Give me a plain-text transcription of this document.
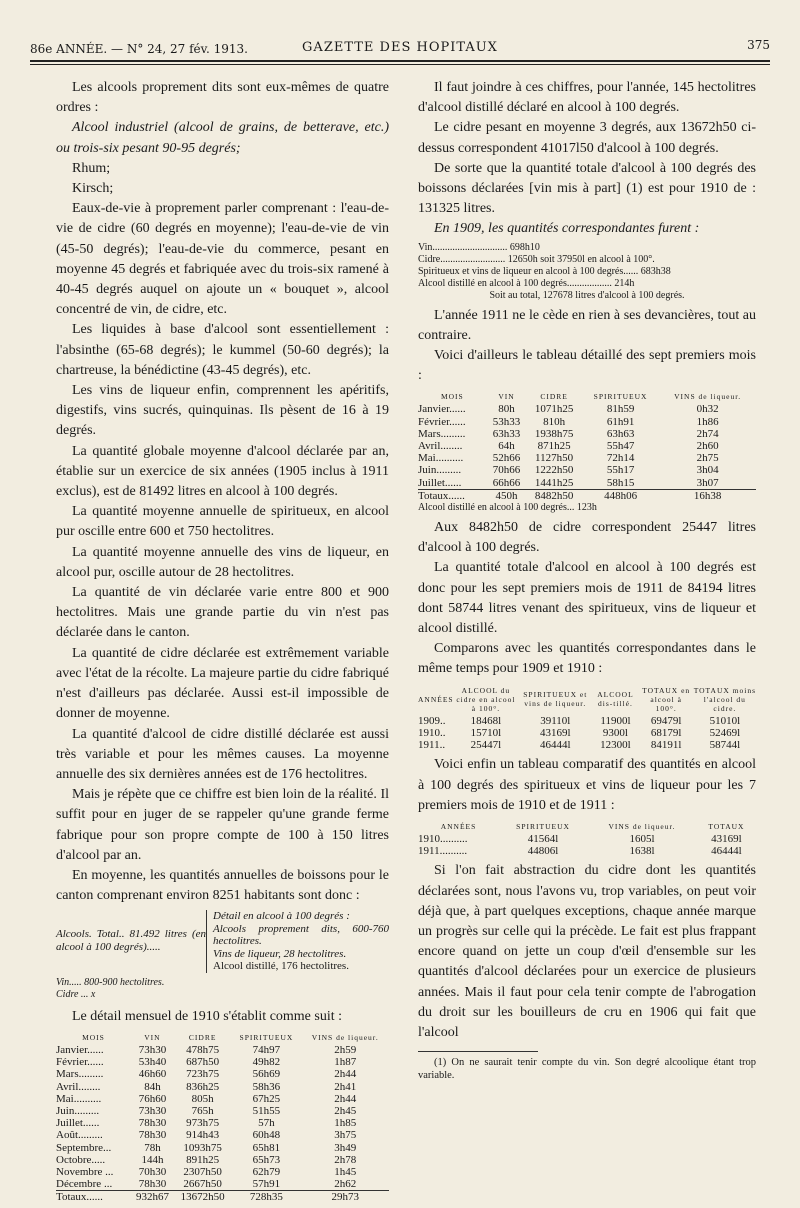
86e ANNÉE. — N° 24, 27 fév. 1913.	GAZETTE DES HOPITAUX	375

Les alcools proprement dits sont eux-mêmes de quatre ordres :

Alcool industriel (alcool de grains, de betterave, etc.) ou trois-six pesant 90-95 degrés;

Rhum;

Kirsch;

Eaux-de-vie à proprement parler comprenant : l'eau-de-vie de cidre (60 degrés en moyenne); l'eau-de-vie de vin (45-50 degrés); l'eau-de-vie du commerce, pesant en moyenne 45 degrés et fabriquée avec du trois-six ramené à 40-45 degrés auquel on ajoute un « bouquet », alcool concentré de vin, de cidre, etc.

Les liquides à base d'alcool sont essentiellement : l'absinthe (65-68 degrés); le kummel (50-60 degrés); la chartreuse, la bénédictine (43-45 degrés), etc.

Les vins de liqueur enfin, comprennent les apéritifs, digestifs, vins sucrés, quinquinas. Ils pèsent de 16 à 19 degrés.

La quantité globale moyenne d'alcool déclarée par an, établie sur un exercice de six années (1905 inclus à 1911 exclus), est de 81492 litres en alcool à 100 degrés.

La quantité moyenne annuelle de spiritueux, en alcool pur oscille entre 600 et 750 hectolitres.

La quantité moyenne annuelle des vins de liqueur, en alcool pur, oscille autour de 28 hectolitres.

La quantité de vin déclarée varie entre 800 et 900 hectolitres. Mais une grande partie du vin n'est pas déclarée dans le canton.

La quantité de cidre déclarée est extrêmement variable avec l'état de la récolte. La majeure partie du cidre fabriqué n'est d'ailleurs pas déclarée. Aussi est-il impossible de donner de moyenne.

La quantité d'alcool de cidre distillé déclarée est aussi très variable et pour les mêmes causes. La moyenne annuelle des six dernières années est de 176 hectolitres.

Mais je répète que ce chiffre est bien loin de la réalité. Il suffit pour en juger de se rappeler qu'une grande ferme fabrique pour son propre compte de 100 à 150 litres d'alcool par an.

En moyenne, les quantités annuelles de boissons pour le canton comprenant environ 8251 habitants sont donc :

Alcools. Total.. 81.492 litres (en alcool à 100 degrés).....
Détail en alcool à 100 degrés :
Alcools proprement dits, 600-760 hectolitres.
Vins de liqueur, 28 hectolitres.
Alcool distillé, 176 hectolitres.
Vin..... 800-900 hectolitres.
Cidre ... x

Le détail mensuel de 1910 s'établit comme suit :

MOIS	VIN	CIDRE	SPIRITUEUX	VINS de liqueur.
Janvier......	73h30	478h75	74h97	2h59
Février......	53h40	687h50	49h82	1h87
Mars.........	46h60	723h75	56h69	2h44
Avril........	84h	836h25	58h36	2h41
Mai..........	76h60	805h	67h25	2h44
Juin.........	73h30	765h	51h55	2h45
Juillet......	78h30	973h75	57h	1h85
Août.........	78h30	914h43	60h48	3h75
Septembre...	78h	1093h75	65h81	3h49
Octobre.....	144h	891h25	65h73	2h78
Novembre ...	70h30	2307h50	62h79	1h45
Décembre ...	78h30	2667h50	57h91	2h62
Totaux......	932h67	13672h50	728h35	29h73

Il faut joindre à ces chiffres, pour l'année, 145 hectolitres d'alcool distillé déclaré en alcool à 100 degrés.

Le cidre pesant en moyenne 3 degrés, aux 13672h50 ci-dessus correspondent 41017l50 d'alcool à 100 degrés.

De sorte que la quantité totale d'alcool à 100 degrés des boissons déclarées [vin mis à part] (1) est pour 1910 de : 131325 litres.

En 1909, les quantités correspondantes furent :

Vin.............................. 698h10
Cidre.......................... 12650h soit 37950l en alcool à 100°.
Spiritueux et vins de liqueur en alcool à 100 degrés...... 683h38
Alcool distillé en alcool à 100 degrés.................. 214h
Soit au total, 127678 litres d'alcool à 100 degrés.

L'année 1911 ne le cède en rien à ses devancières, tout au contraire.

Voici d'ailleurs le tableau détaillé des sept premiers mois :

MOIS	VIN	CIDRE	SPIRITUEUX	VINS de liqueur.
Janvier......	80h	1071h25	81h59	0h32
Février......	53h33	810h	61h91	1h86
Mars.........	63h33	1938h75	63h63	2h74
Avril........	64h	871h25	55h47	2h60
Mai..........	52h66	1127h50	72h14	2h75
Juin.........	70h66	1222h50	55h17	3h04
Juillet......	66h66	1441h25	58h15	3h07
Totaux......	450h	8482h50	448h06	16h38
Alcool distillé en alcool à 100 degrés... 123h

Aux 8482h50 de cidre correspondent 25447 litres d'alcool à 100 degrés.

La quantité totale d'alcool en alcool à 100 degrés est donc pour les sept premiers mois de 1911 de 84194 litres dont 58744 litres venant des spiritueux, vins de liqueur et alcool distillé.

Comparons avec les quantités correspondantes dans le même temps pour 1909 et 1910 :

ANNÉES	ALCOOL du cidre en alcool à 100°.	SPIRITUEUX et vins de liqueur.	ALCOOL dis-tillé.	TOTAUX en alcool à 100°.	TOTAUX moins l'alcool du cidre.
1909..	18468l	39110l	11900l	69479l	51010l
1910..	15710l	43169l	9300l	68179l	52469l
1911..	25447l	46444l	12300l	84191l	58744l

Voici enfin un tableau comparatif des quantités en alcool à 100 degrés des spiritueux et vins de liqueur pour les 7 premiers mois de 1910 et de 1911 :

ANNÉES	SPIRITUEUX	VINS de liqueur.	TOTAUX
1910..........	41564l	1605l	43169l
1911..........	44806l	1638l	46444l

Si l'on fait abstraction du cidre dont les quantités déclarées sont, nous l'avons vu, trop variables, on peut voir déjà que, à part quelques exceptions, chaque année marque un progrès sur celle qui la précède. Le fait est plus frappant encore quand on jette un coup d'œil d'ensemble sur les quantités d'alcool déclarées pour un exercice de plusieurs années. Mais il faut pour cela tenir compte de l'abrogation du droit sur les bouilleurs de cru en 1906 qui fait que l'alcool

(1) On ne saurait tenir compte du vin. Son degré alcoolique étant trop variable.
